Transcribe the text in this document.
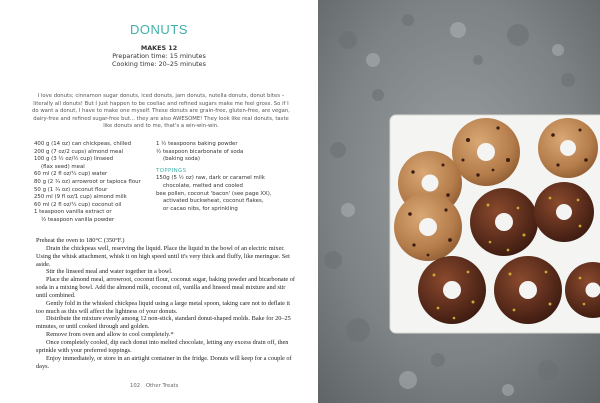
DONUTS
MAKES 12
Preparation time: 15 minutes
Cooking time: 20–25 minutes
I love donuts; cinnamon sugar donuts, iced donuts, jam donuts, nutella donuts, donut bites – literally all donuts! But I just happen to be coeliac and refined sugars make me feel gross. So if I do want a donut, I have to make one myself. These donuts are grain-free, gluten-free, are vegan, dairy-free and refined sugar-free but... they are also AWESOME! They look like real donuts, taste like donuts and to me, that's a win-win-win.

400 g (14 oz) can chickpeas, chilled

200 g (7 oz/2 cups) almond meal

100 g (3 ½ oz/½ cup) linseed

(flax seed) meal

60 ml (2 fl oz/¼ cup) water

80 g (2 ¾ oz) arrowroot or tapioca flour

50 g (1 ¾ oz) coconut flour

250 ml (9 fl oz/1 cup) almond milk

60 ml (2 fl oz/¼ cup) coconut oil

1 teaspoon vanilla extract or

½ teaspoon vanilla powder

1 ½ teaspoons baking powder

½ teaspoon bicarbonate of soda

(baking soda)

TOPPINGS

150g (5 ½ oz) raw, dark or caramel milk

chocolate, melted and cooled

bee pollen, coconut 'bacon' (see page XX),

activated buckwheat, coconut flakes,

or cacao nibs, for sprinkling

Preheat the oven to 180°C (350°F.)

Drain the chickpeas well, reserving the liquid. Place the liquid in the bowl of an electric mixer. Using the whisk attachment, whisk it on high speed until it's very thick and fluffy, like meringue. Set aside.

Stir the linseed meal and water together in a bowl.

Place the almond meal, arrowroot, coconut flour, coconut sugar, baking powder and bicarbonate of soda in a mixing bowl. Add the almond milk, coconut oil, vanilla and linseed meal mixture and stir until combined.

Gently fold in the whisked chickpea liquid using a large metal spoon, taking care not to deflate it too much as this will affect the lightness of your donuts.

Distribute the mixture evenly among 12 non-stick, standard donut-shaped molds. Bake for 20–25 minutes, or until cooked through and golden.

Remove from oven and allow to cool completely.*

Once completely cooled, dip each donut into melted chocolate, letting any excess drain off, then sprinkle with your preferred toppings.

Enjoy immediately, or store in an airtight container in the fridge. Donuts will keep for a couple of days.

102 Other Treats
